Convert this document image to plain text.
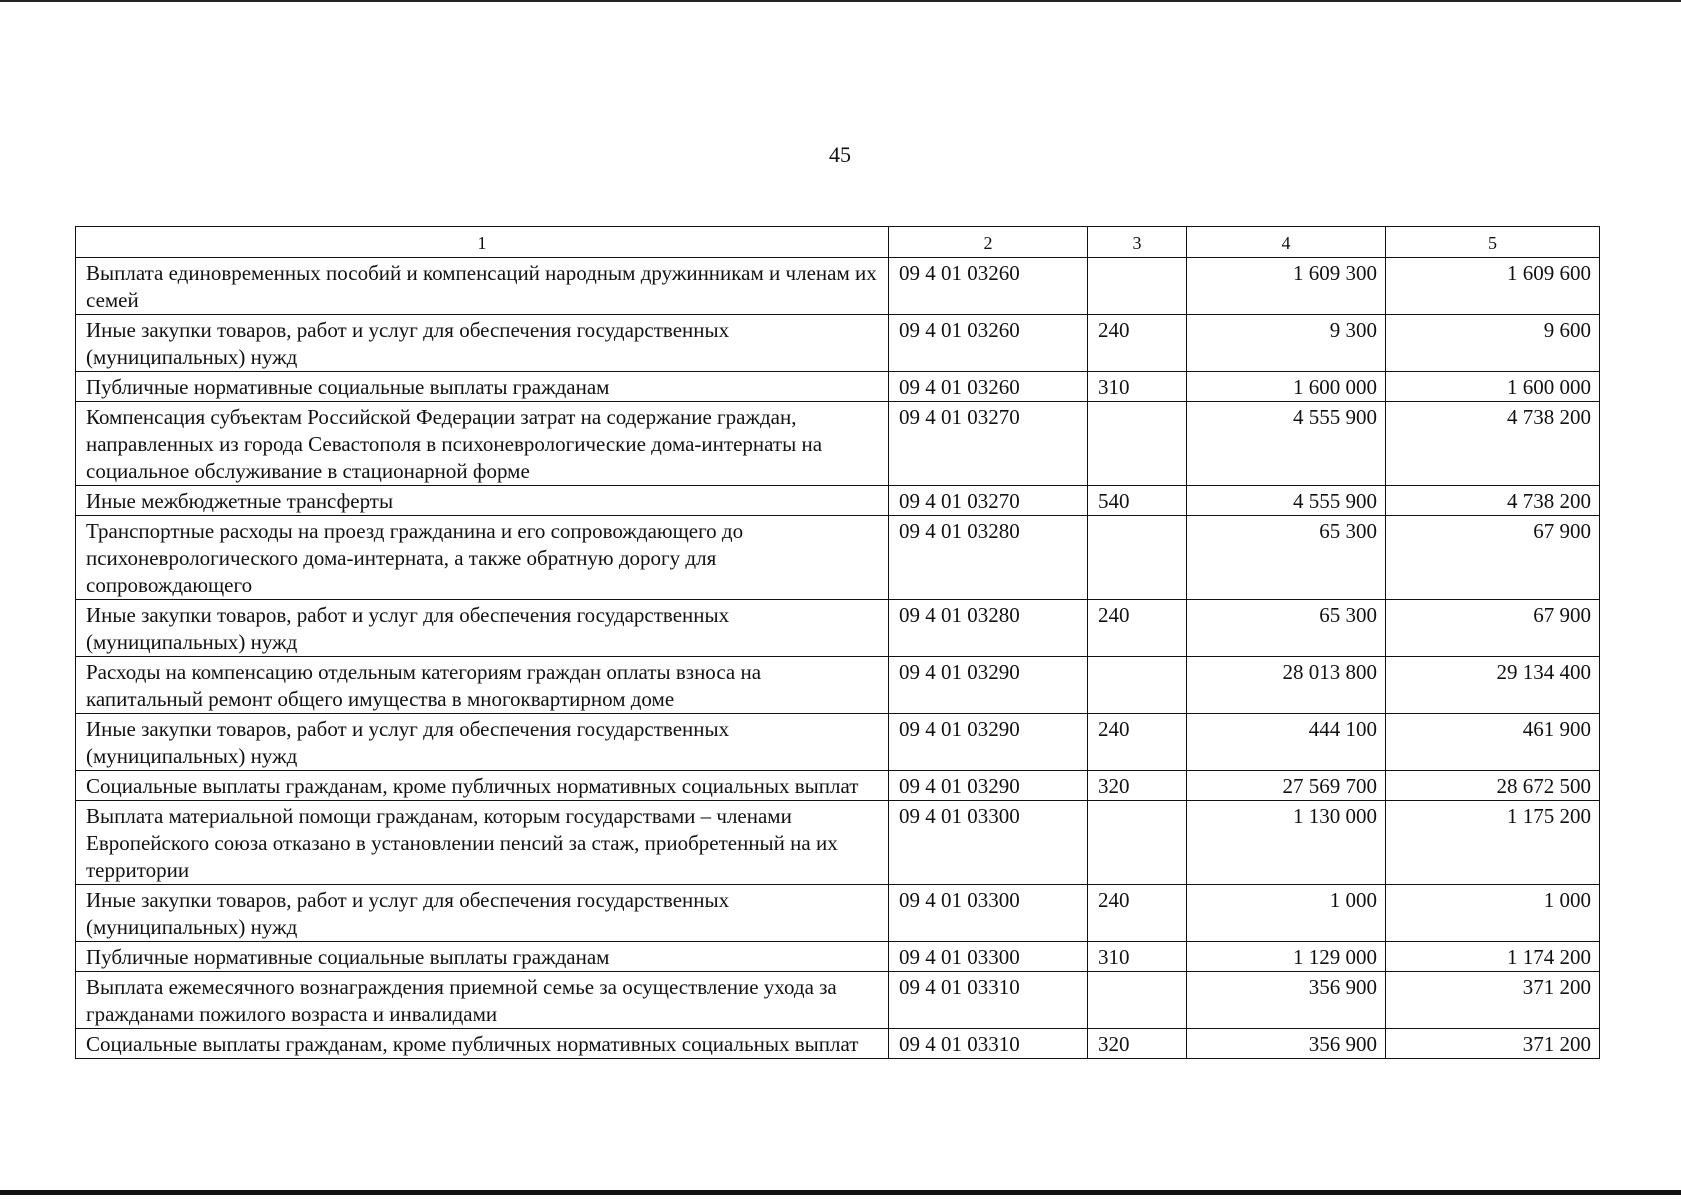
45
1	2	3	4	5
Выплата единовременных пособий и компенсаций народным дружинникам и членам их семей	09 4 01 03260		1 609 300	1 609 600
Иные закупки товаров, работ и услуг для обеспечения государственных (муниципальных) нужд	09 4 01 03260	240	9 300	9 600
Публичные нормативные социальные выплаты гражданам	09 4 01 03260	310	1 600 000	1 600 000
Компенсация субъектам Российской Федерации затрат на содержание граждан, направленных из города Севастополя в психоневрологические дома-интернаты на социальное обслуживание в стационарной форме	09 4 01 03270		4 555 900	4 738 200
Иные межбюджетные трансферты	09 4 01 03270	540	4 555 900	4 738 200
Транспортные расходы на проезд гражданина и его сопровождающего до психоневрологического дома-интерната, а также обратную дорогу для сопровождающего	09 4 01 03280		65 300	67 900
Иные закупки товаров, работ и услуг для обеспечения государственных (муниципальных) нужд	09 4 01 03280	240	65 300	67 900
Расходы на компенсацию отдельным категориям граждан оплаты взноса на капитальный ремонт общего имущества в многоквартирном доме	09 4 01 03290		28 013 800	29 134 400
Иные закупки товаров, работ и услуг для обеспечения государственных (муниципальных) нужд	09 4 01 03290	240	444 100	461 900
Социальные выплаты гражданам, кроме публичных нормативных социальных выплат	09 4 01 03290	320	27 569 700	28 672 500
Выплата материальной помощи гражданам, которым государствами – членами Европейского союза отказано в установлении пенсий за стаж, приобретенный на их территории	09 4 01 03300		1 130 000	1 175 200
Иные закупки товаров, работ и услуг для обеспечения государственных (муниципальных) нужд	09 4 01 03300	240	1 000	1 000
Публичные нормативные социальные выплаты гражданам	09 4 01 03300	310	1 129 000	1 174 200
Выплата ежемесячного вознаграждения приемной семье за осуществление ухода за гражданами пожилого возраста и инвалидами	09 4 01 03310		356 900	371 200
Социальные выплаты гражданам, кроме публичных нормативных социальных выплат	09 4 01 03310	320	356 900	371 200
